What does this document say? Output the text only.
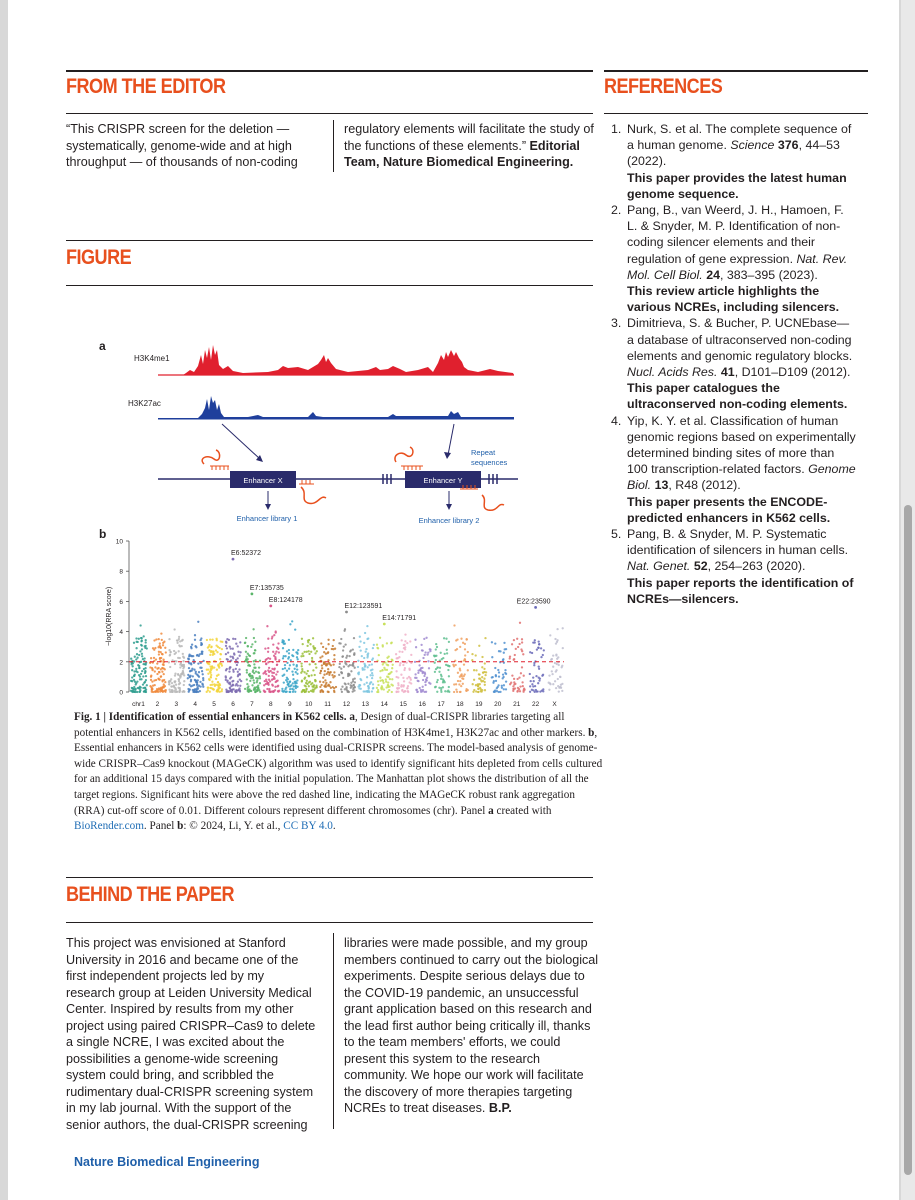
FROM THE EDITOR

“This CRISPR screen for the deletion — systematically, genome-wide and at high throughput — of thousands of non-coding

regulatory elements will facilitate the study of the functions of these elements.” Editorial Team, Nature Biomedical Engineering.

FIGURE
a
H3K4me1
H3K27ac
Enhancer X	Enhancer Y
Repeat
sequences
Enhancer library 1	Enhancer library 2
b
0
2
4
6
8
10
−log10(RRA score)
chr1 2 3 4 5 6 7 8 9 10 11 12 13 14 15 16 17 18 19 20 21 22 X
E6:52372
E7:135735
E8:124178
E12:123591
E14:71791
E22:23590

Fig. 1 | Identification of essential enhancers in K562 cells. a, Design of dual-CRISPR libraries targeting all potential enhancers in K562 cells, identified based on the combination of H3K4me1, H3K27ac and other markers. b, Essential enhancers in K562 cells were identified using dual-CRISPR screens. The model-based analysis of genome-wide CRISPR–Cas9 knockout (MAGeCK) algorithm was used to identify significant hits depleted from cells cultured for an additional 15 days compared with the initial population. The Manhattan plot shows the distribution of all the target regions. Significant hits were above the red dashed line, indicating the MAGeCK robust rank aggregation (RRA) cut-off score of 0.01. Different colours represent different chromosomes (chr). Panel a created with BioRender.com. Panel b: © 2024, Li, Y. et al., CC BY 4.0.

BEHIND THE PAPER

This project was envisioned at Stanford University in 2016 and became one of the first independent projects led by my research group at Leiden University Medical Center. Inspired by results from my other project using paired CRISPR–Cas9 to delete a single NCRE, I was excited about the possibilities a genome-wide screening system could bring, and scribbled the rudimentary dual-CRISPR screening system in my lab journal. With the support of the senior authors, the dual-CRISPR screening

libraries were made possible, and my group members continued to carry out the biological experiments. Despite serious delays due to the COVID-19 pandemic, an unsuccessful grant application based on this research and the lead first author being critically ill, thanks to the team members' efforts, we could present this system to the research community. We hope our work will facilitate the discovery of more therapies targeting NCREs to treat diseases. B.P.

REFERENCES
1. Nurk, S. et al. The complete sequence of a human genome. Science 376, 44–53 (2022).
This paper provides the latest human genome sequence.
2. Pang, B., van Weerd, J. H., Hamoen, F. L. & Snyder, M. P. Identification of non-coding silencer elements and their regulation of gene expression. Nat. Rev. Mol. Cell Biol. 24, 383–395 (2023).
This review article highlights the various NCREs, including silencers.
3. Dimitrieva, S. & Bucher, P. UCNEbase—a database of ultraconserved non-coding elements and genomic regulatory blocks. Nucl. Acids Res. 41, D101–D109 (2012).
This paper catalogues the ultraconserved non-coding elements.
4. Yip, K. Y. et al. Classification of human genomic regions based on experimentally determined binding sites of more than 100 transcription-related factors. Genome Biol. 13, R48 (2012).
This paper presents the ENCODE-predicted enhancers in K562 cells.
5. Pang, B. & Snyder, M. P. Systematic identification of silencers in human cells. Nat. Genet. 52, 254–263 (2020).
This paper reports the identification of NCREs—silencers.

Nature Biomedical Engineering
